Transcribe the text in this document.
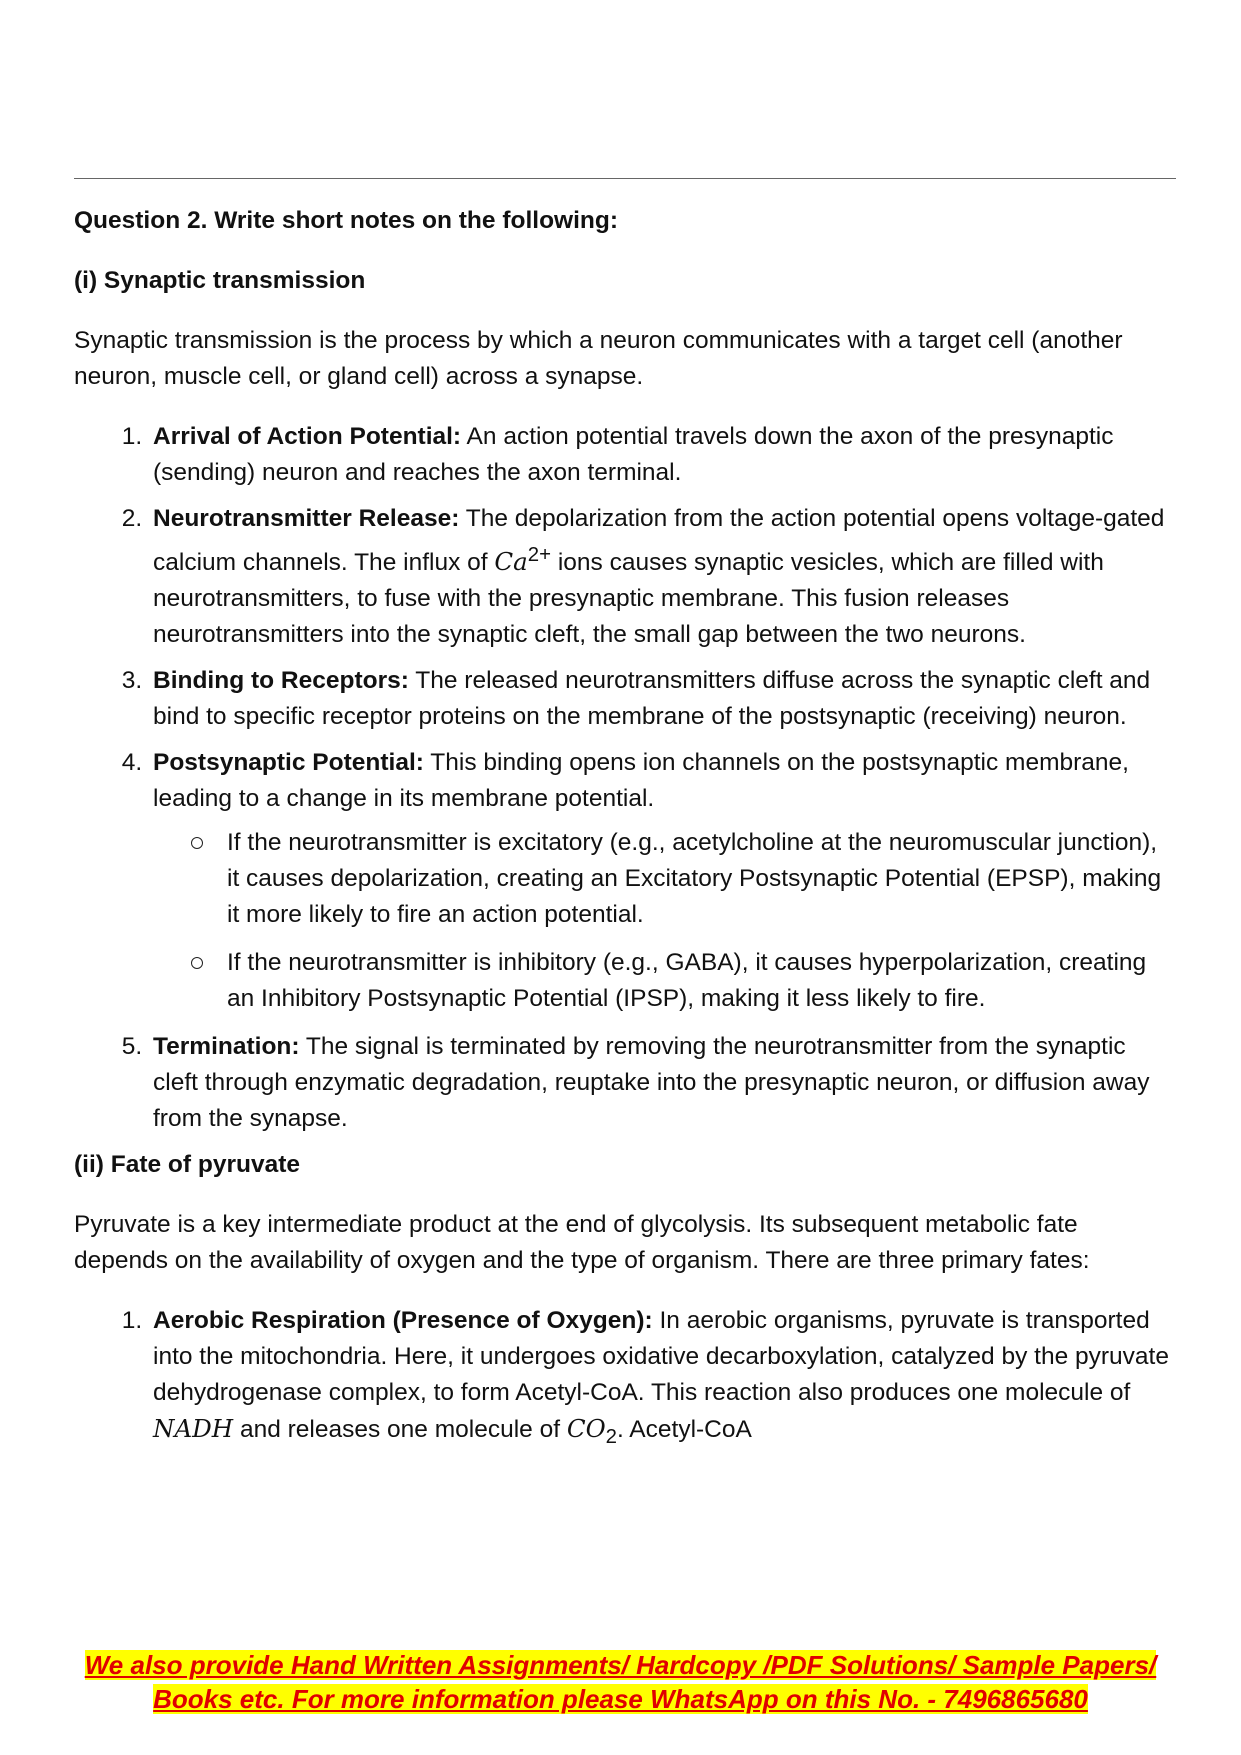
Question 2. Write short notes on the following:
(i) Synaptic transmission

Synaptic transmission is the process by which a neuron communicates with a target cell (another neuron, muscle cell, or gland cell) across a synapse.

1. Arrival of Action Potential: An action potential travels down the axon of the presynaptic (sending) neuron and reaches the axon terminal.
2. Neurotransmitter Release: The depolarization from the action potential opens voltage-gated calcium channels. The influx of $Ca^{2+}$ ions causes synaptic vesicles, which are filled with neurotransmitters, to fuse with the presynaptic membrane. This fusion releases neurotransmitters into the synaptic cleft, the small gap between the two neurons.
3. Binding to Receptors: The released neurotransmitters diffuse across the synaptic cleft and bind to specific receptor proteins on the membrane of the postsynaptic (receiving) neuron.
4. Postsynaptic Potential: This binding opens ion channels on the postsynaptic membrane, leading to a change in its membrane potential.
If the neurotransmitter is excitatory (e.g., acetylcholine at the neuromuscular junction), it causes depolarization, creating an Excitatory Postsynaptic Potential (EPSP), making it more likely to fire an action potential.
If the neurotransmitter is inhibitory (e.g., GABA), it causes hyperpolarization, creating an Inhibitory Postsynaptic Potential (IPSP), making it less likely to fire.
5. Termination: The signal is terminated by removing the neurotransmitter from the synaptic cleft through enzymatic degradation, reuptake into the presynaptic neuron, or diffusion away from the synapse.
(ii) Fate of pyruvate

Pyruvate is a key intermediate product at the end of glycolysis. Its subsequent metabolic fate depends on the availability of oxygen and the type of organism. There are three primary fates:

1. Aerobic Respiration (Presence of Oxygen): In aerobic organisms, pyruvate is transported into the mitochondria. Here, it undergoes oxidative decarboxylation, catalyzed by the pyruvate dehydrogenase complex, to form Acetyl-CoA. This reaction also produces one molecule of NADH and releases one molecule of $CO_2$. Acetyl-CoA
We also provide Hand Written Assignments/ Hardcopy /PDF Solutions/ Sample Papers/
Books etc. For more information please WhatsApp on this No. - 7496865680
